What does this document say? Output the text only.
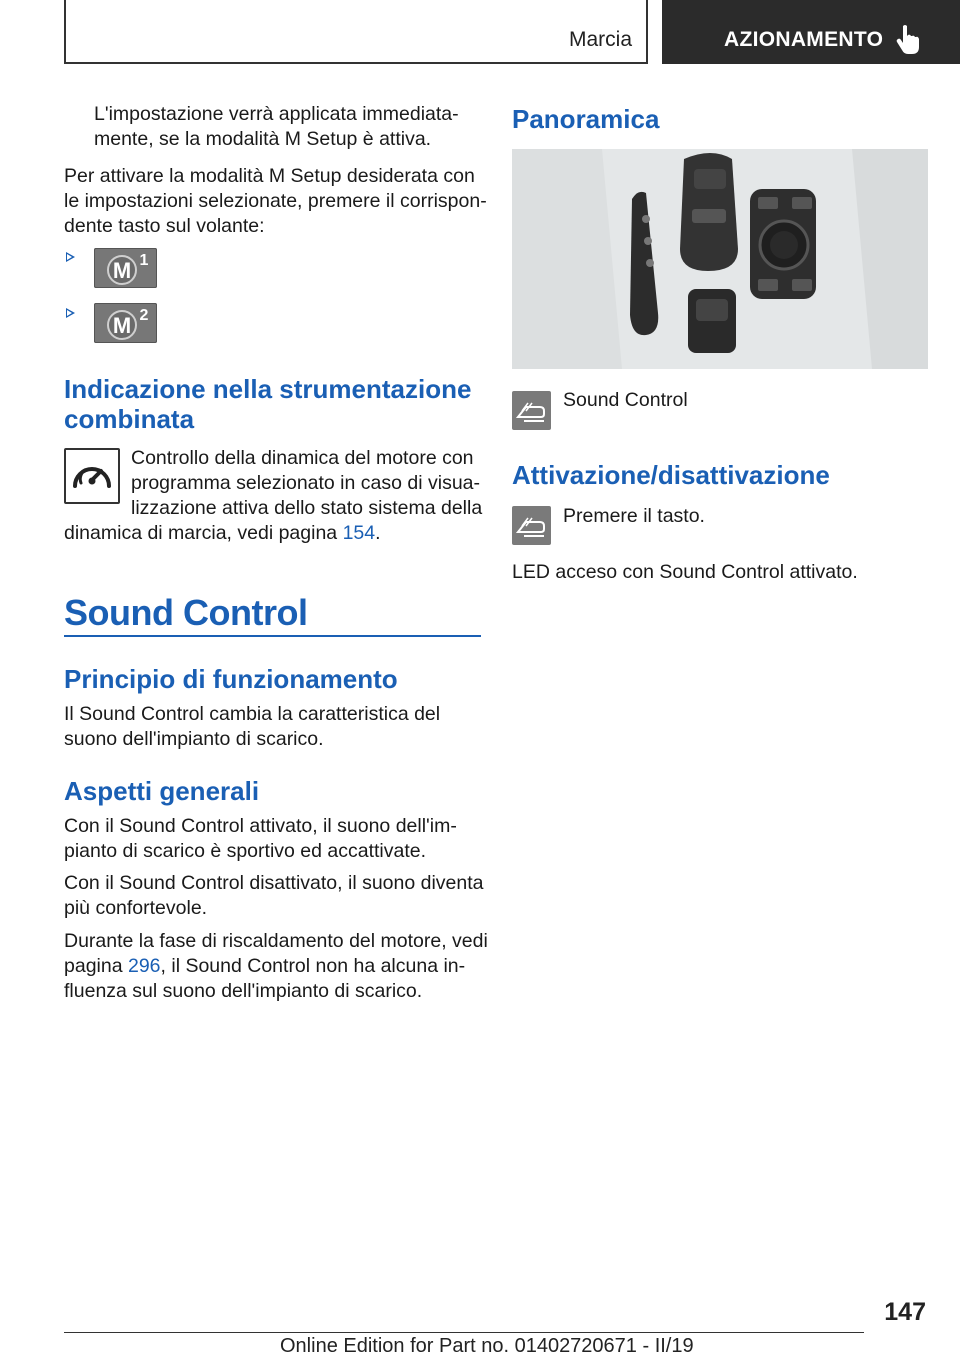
Marcia	AZIONAMENTO

L'impostazione verrà applicata immediata‐

mente, se la modalità M Setup è attiva.

Per attivare la modalità M Setup desiderata con

le impostazioni selezionate, premere il corrispon‐

dente tasto sul volante:

M 1
M 2
Indicazione nella strumentazione
combinata

Controllo della dinamica del motore con

programma selezionato in caso di visua‐

lizzazione attiva dello stato sistema della

dinamica di marcia, vedi pagina 154.

Sound Control
Principio di funzionamento

Il Sound Control cambia la caratteristica del

suono dell'impianto di scarico.

Aspetti generali

Con il Sound Control attivato, il suono dell'im‐

pianto di scarico è sportivo ed accattivate.

Con il Sound Control disattivato, il suono diventa

più confortevole.

Durante la fase di riscaldamento del motore, vedi

pagina 296, il Sound Control non ha alcuna in‐

fluenza sul suono dell'impianto di scarico.

Panoramica

Sound Control

Attivazione/disattivazione

Premere il tasto.

LED acceso con Sound Control attivato.

147
Online Edition for Part no. 01402720671 - II/19
